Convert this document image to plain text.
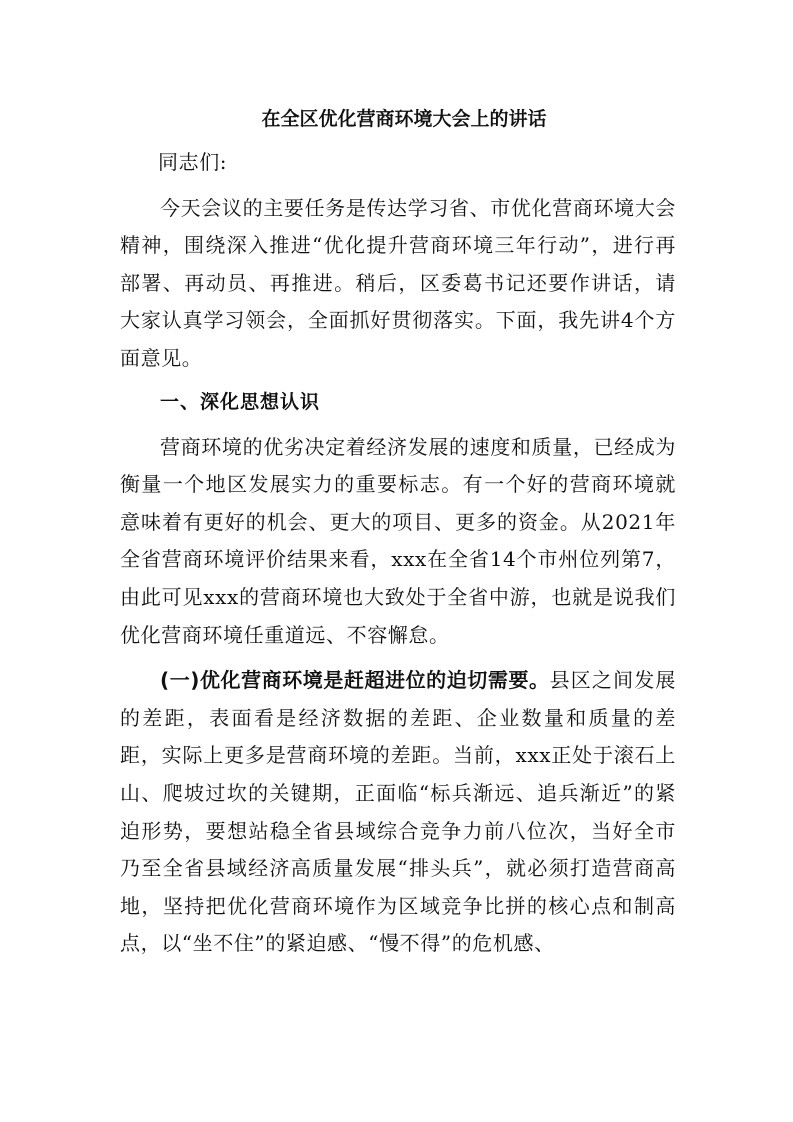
在全区优化营商环境大会上的讲话

同志们:

今天会议的主要任务是传达学习省、市优化营商环境大会精神，围绕深入推进“优化提升营商环境三年行动”，进行再部署、再动员、再推进。稍后，区委葛书记还要作讲话，请大家认真学习领会，全面抓好贯彻落实。下面，我先讲4个方面意见。

一、深化思想认识

营商环境的优劣决定着经济发展的速度和质量，已经成为衡量一个地区发展实力的重要标志。有一个好的营商环境就意味着有更好的机会、更大的项目、更多的资金。从2021年全省营商环境评价结果来看，xxx在全省14个市州位列第7，由此可见xxx的营商环境也大致处于全省中游，也就是说我们优化营商环境任重道远、不容懈怠。

(一)优化营商环境是赶超进位的迫切需要。县区之间发展的差距，表面看是经济数据的差距、企业数量和质量的差距，实际上更多是营商环境的差距。当前，xxx正处于滚石上山、爬坡过坎的关键期，正面临“标兵渐远、追兵渐近”的紧迫形势，要想站稳全省县域综合竞争力前八位次，当好全市乃至全省县域经济高质量发展“排头兵”，就必须打造营商高地，坚持把优化营商环境作为区域竞争比拼的核心点和制高点，以“坐不住”的紧迫感、“慢不得”的危机感、
